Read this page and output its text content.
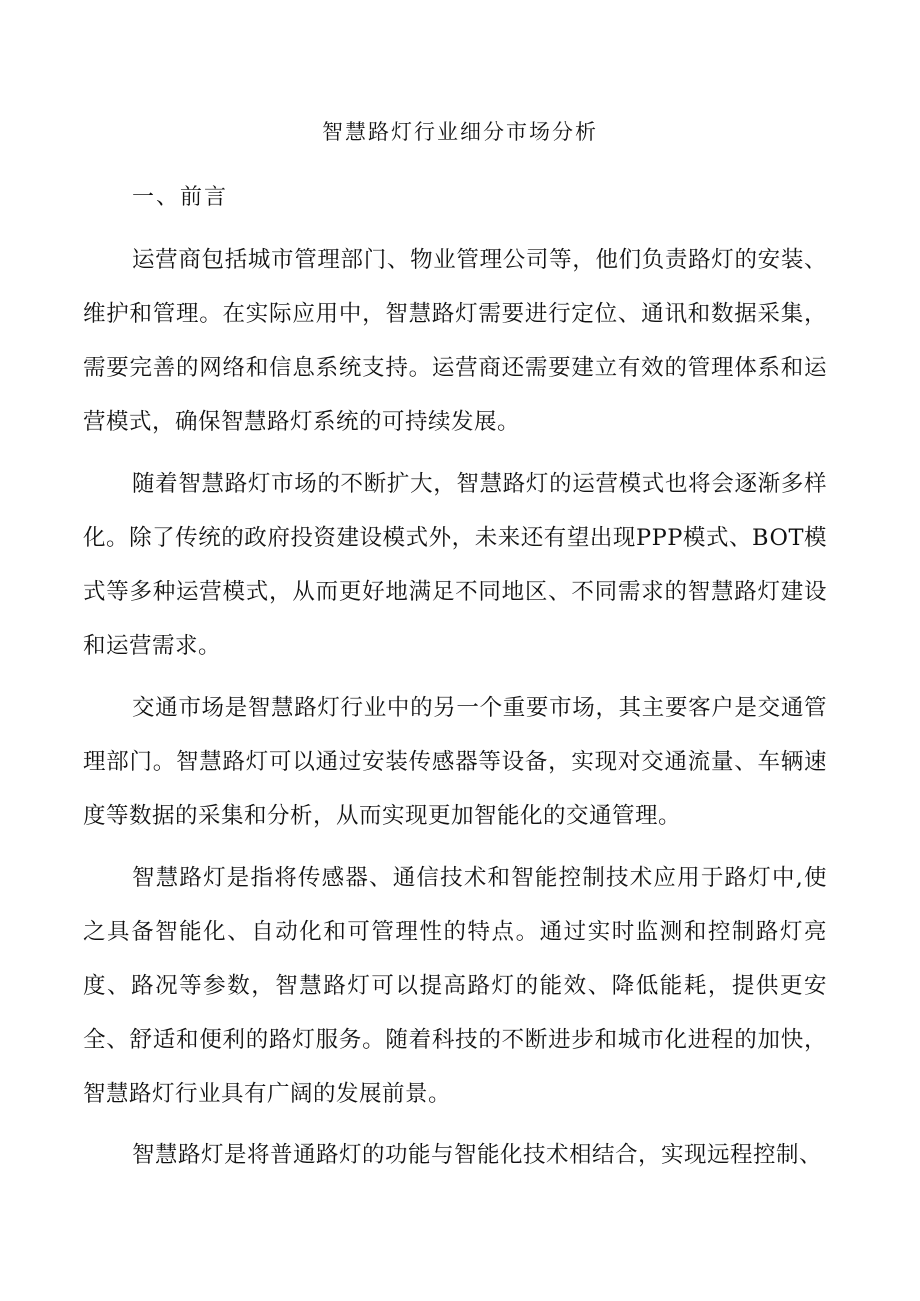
智慧路灯行业细分市场分析
一、前言

运营商包括城市管理部门、物业管理公司等，他们负责路灯的安装、维护和管理。在实际应用中，智慧路灯需要进行定位、通讯和数据采集，需要完善的网络和信息系统支持。运营商还需要建立有效的管理体系和运营模式，确保智慧路灯系统的可持续发展。

随着智慧路灯市场的不断扩大，智慧路灯的运营模式也将会逐渐多样化。除了传统的政府投资建设模式外，未来还有望出现PPP模式、BOT模式等多种运营模式，从而更好地满足不同地区、不同需求的智慧路灯建设和运营需求。

交通市场是智慧路灯行业中的另一个重要市场，其主要客户是交通管理部门。智慧路灯可以通过安装传感器等设备，实现对交通流量、车辆速度等数据的采集和分析，从而实现更加智能化的交通管理。

智慧路灯是指将传感器、通信技术和智能控制技术应用于路灯中,使之具备智能化、自动化和可管理性的特点。通过实时监测和控制路灯亮度、路况等参数，智慧路灯可以提高路灯的能效、降低能耗，提供更安全、舒适和便利的路灯服务。随着科技的不断进步和城市化进程的加快，智慧路灯行业具有广阔的发展前景。

智慧路灯是将普通路灯的功能与智能化技术相结合，实现远程控制、
